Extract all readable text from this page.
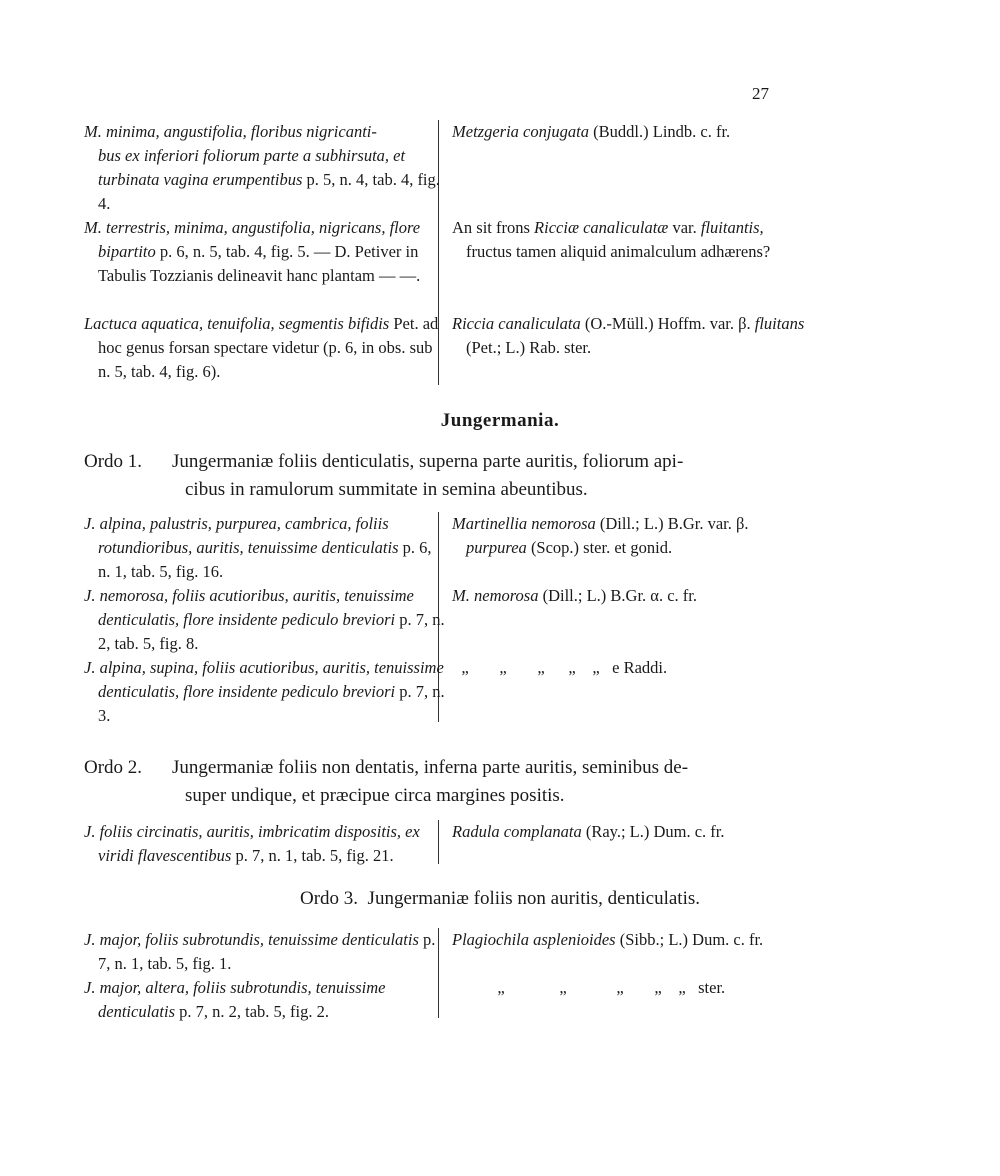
27
M. minima, angustifolia, floribus nigricanti-
bus ex inferiori foliorum parte a subhirsuta, et turbinata vagina erumpentibus p. 5, n. 4, tab. 4, fig. 4.
M. terrestris, minima, angustifolia, nigricans, flore bipartito p. 6, n. 5, tab. 4, fig. 5. — D. Petiver in Tabulis Tozzianis delineavit hanc plantam — —.
Lactuca aquatica, tenuifolia, segmentis bifidis Pet. ad hoc genus forsan spectare videtur (p. 6, in obs. sub n. 5, tab. 4, fig. 6).
Metzgeria conjugata (Buddl.) Lindb. c. fr.
An sit frons Ricciæ canaliculatæ var. fluitantis, fructus tamen aliquid animalculum adhærens?
Riccia canaliculata (O.-Müll.) Hoffm. var. β. fluitans (Pet.; L.) Rab. ster.
Jungermania.
Ordo 1. Jungermaniæ foliis denticulatis, superna parte auritis, foliorum api-
cibus in ramulorum summitate in semina abeuntibus.
J. alpina, palustris, purpurea, cambrica, foliis rotundioribus, auritis, tenuissime denticulatis p. 6, n. 1, tab. 5, fig. 16.
J. nemorosa, foliis acutioribus, auritis, tenuissime denticulatis, flore insidente pediculo breviori p. 7, n. 2, tab. 5, fig. 8.
J. alpina, supina, foliis acutioribus, auritis, tenuissime denticulatis, flore insidente pediculo breviori p. 7, n. 3.
Martinellia nemorosa (Dill.; L.) B.Gr. var. β.
purpurea (Scop.) ster. et gonid.
M. nemorosa (Dill.; L.) B.Gr. α. c. fr.
„ „ „ „ „ e Raddi.
Ordo 2. Jungermaniæ foliis non dentatis, inferna parte auritis, seminibus de-
super undique, et præcipue circa margines positis.
J. foliis circinatis, auritis, imbricatim dispositis, ex viridi flavescentibus p. 7, n. 1, tab. 5, fig. 21.
Radula complanata (Ray.; L.) Dum. c. fr.
Ordo 3. Jungermaniæ foliis non auritis, denticulatis.
J. major, foliis subrotundis, tenuissime denticulatis p. 7, n. 1, tab. 5, fig. 1.
J. major, altera, foliis subrotundis, tenuissime denticulatis p. 7, n. 2, tab. 5, fig. 2.
Plagiochila asplenioides (Sibb.; L.) Dum. c. fr.
„	„	„ „ „ ster.
